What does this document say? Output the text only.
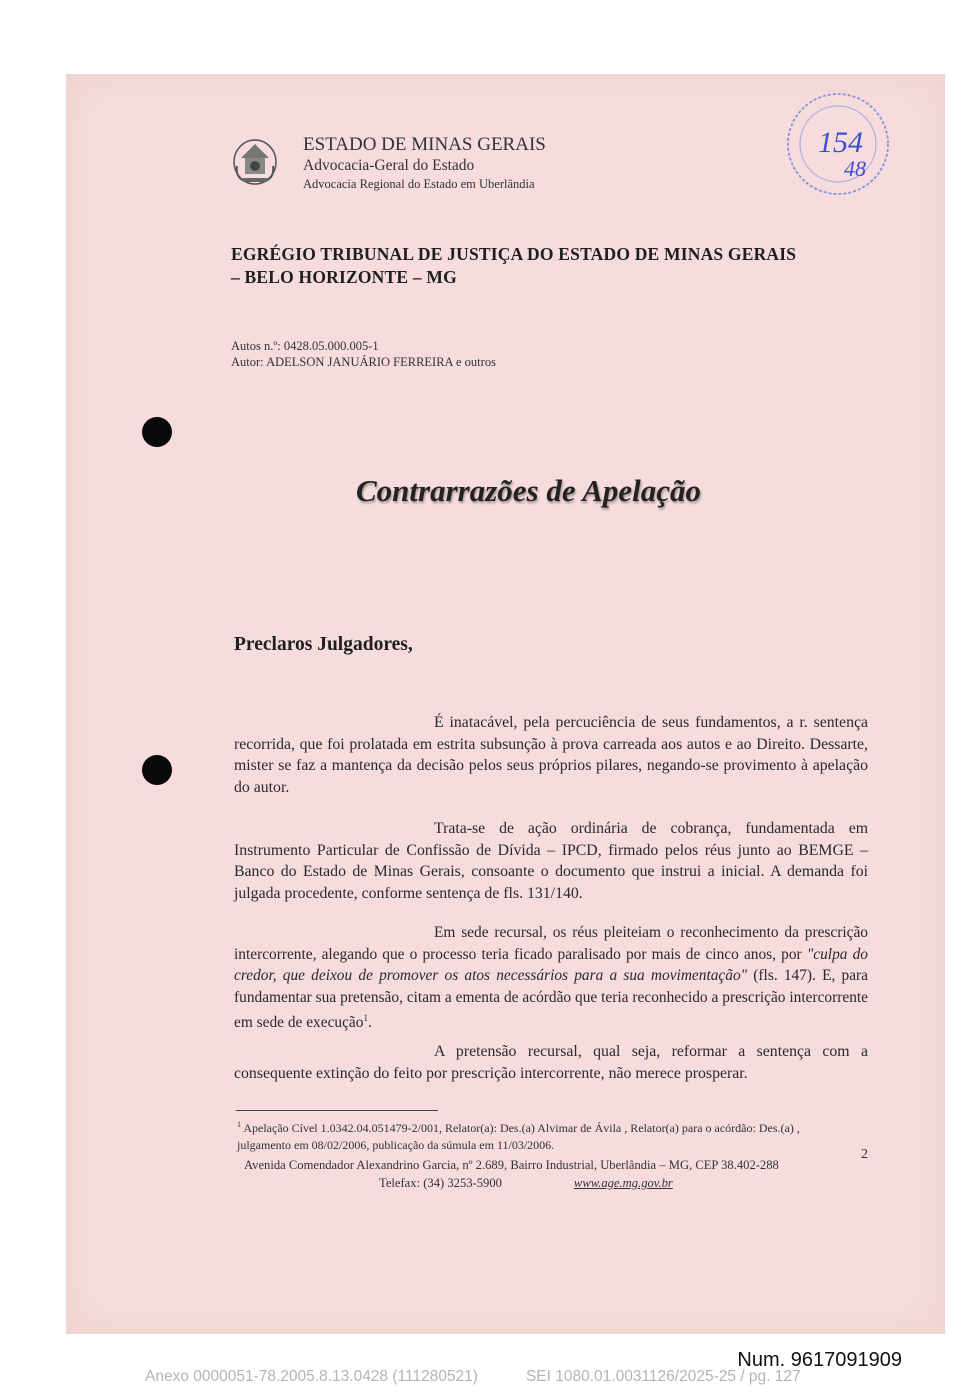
ESTADO DE MINAS GERAIS
Advocacia-Geral do Estado
Advocacia Regional do Estado em Uberlândia
154
48
EGRÉGIO TRIBUNAL DE JUSTIÇA DO ESTADO DE MINAS GERAIS
– BELO HORIZONTE – MG
Autos n.º: 0428.05.000.005-1
Autor: ADELSON JANUÁRIO FERREIRA e outros
Contrarrazões de Apelação
Preclaros Julgadores,
É inatacável, pela percuciência de seus fundamentos, a r. sentença recorrida, que foi prolatada em estrita subsunção à prova carreada aos autos e ao Direito. Dessarte, mister se faz a mantença da decisão pelos seus próprios pilares, negando-se provimento à apelação do autor.
Trata-se de ação ordinária de cobrança, fundamentada em Instrumento Particular de Confissão de Dívida – IPCD, firmado pelos réus junto ao BEMGE – Banco do Estado de Minas Gerais, consoante o documento que instrui a inicial. A demanda foi julgada procedente, conforme sentença de fls. 131/140.
Em sede recursal, os réus pleiteiam o reconhecimento da prescrição intercorrente, alegando que o processo teria ficado paralisado por mais de cinco anos, por "culpa do credor, que deixou de promover os atos necessários para a sua movimentação" (fls. 147). E, para fundamentar sua pretensão, citam a ementa de acórdão que teria reconhecido a prescrição intercorrente em sede de execução$^1$.
A pretensão recursal, qual seja, reformar a sentença com a consequente extinção do feito por prescrição intercorrente, não merece prosperar.
$^1$ Apelação Cível 1.0342.04.051479-2/001, Relator(a): Des.(a) Alvimar de Ávila , Relator(a) para o acórdão: Des.(a) , julgamento em 08/02/2006, publicação da súmula em 11/03/2006.
2
Avenida Comendador Alexandrino Garcia, nº 2.689, Bairro Industrial, Uberlândia – MG, CEP 38.402-288
Telefax: (34) 3253-5900	www.age.mg.gov.br
Num. 9617091909
Anexo 0000051-78.2005.8.13.0428 (111280521)	SEI 1080.01.0031126/2025-25 / pg. 127
